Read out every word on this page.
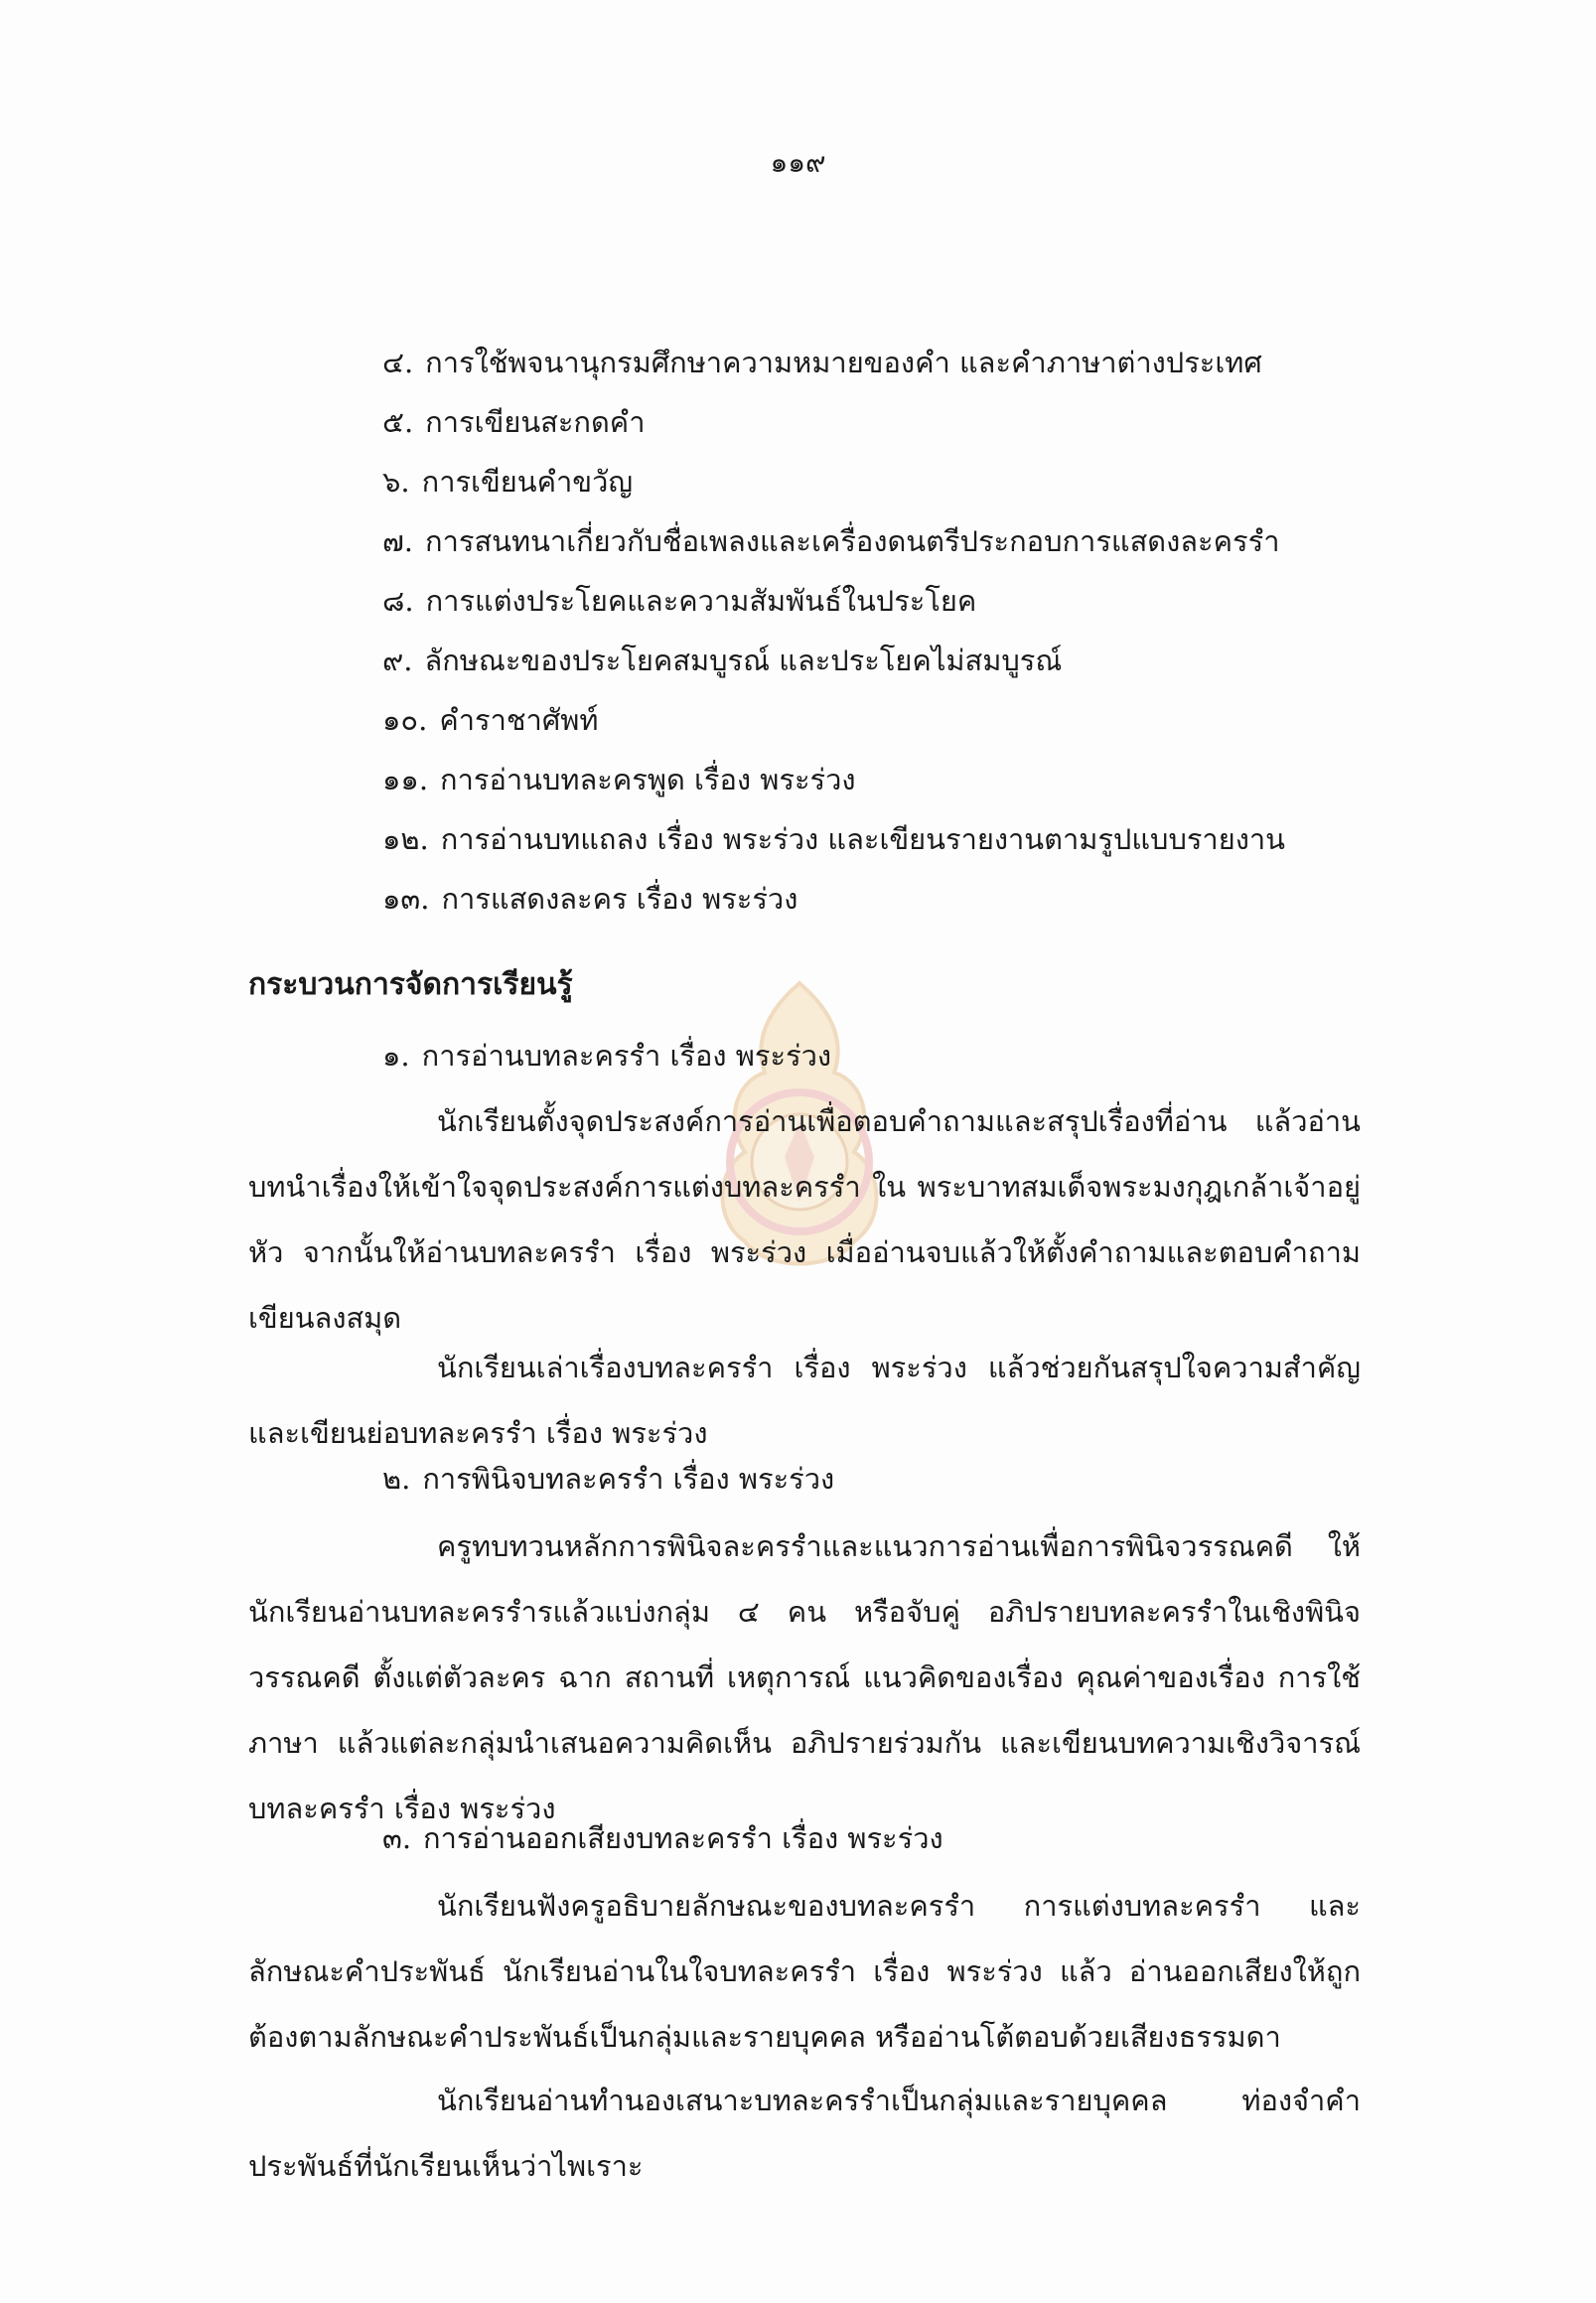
๑๑๙
๔. การใช้พจนานุกรมศึกษาความหมายของคำ และคำภาษาต่างประเทศ
๕. การเขียนสะกดคำ
๖. การเขียนคำขวัญ
๗. การสนทนาเกี่ยวกับชื่อเพลงและเครื่องดนตรีประกอบการแสดงละครรำ
๘. การแต่งประโยคและความสัมพันธ์ในประโยค
๙. ลักษณะของประโยคสมบูรณ์ และประโยคไม่สมบูรณ์
๑๐. คำราชาศัพท์
๑๑. การอ่านบทละครพูด เรื่อง พระร่วง
๑๒. การอ่านบทแถลง เรื่อง พระร่วง และเขียนรายงานตามรูปแบบรายงาน
๑๓. การแสดงละคร เรื่อง พระร่วง
กระบวนการจัดการเรียนรู้
๑. การอ่านบทละครรำ เรื่อง พระร่วง

นักเรียนตั้งจุดประสงค์การอ่านเพื่อตอบคำถามและสรุปเรื่องที่อ่าน แล้วอ่านบทนำเรื่องให้เข้าใจจุดประสงค์การแต่งบทละครรำ ใน พระบาทสมเด็จพระมงกุฎเกล้าเจ้าอยู่หัว จากนั้นให้อ่านบทละครรำ เรื่อง พระร่วง เมื่ออ่านจบแล้วให้ตั้งคำถามและตอบคำถาม เขียนลงสมุด

นักเรียนเล่าเรื่องบทละครรำ เรื่อง พระร่วง แล้วช่วยกันสรุปใจความสำคัญ และเขียนย่อบทละครรำ เรื่อง พระร่วง

๒. การพินิจบทละครรำ เรื่อง พระร่วง

ครูทบทวนหลักการพินิจละครรำและแนวการอ่านเพื่อการพินิจวรรณคดี ให้นักเรียนอ่านบทละครรำรแล้วแบ่งกลุ่ม ๔ คน หรือจับคู่ อภิปรายบทละครรำในเชิงพินิจวรรณคดี ตั้งแต่ตัวละคร ฉาก สถานที่ เหตุการณ์ แนวคิดของเรื่อง คุณค่าของเรื่อง การใช้ภาษา แล้วแต่ละกลุ่มนำเสนอความคิดเห็น อภิปรายร่วมกัน และเขียนบทความเชิงวิจารณ์บทละครรำ เรื่อง พระร่วง

๓. การอ่านออกเสียงบทละครรำ เรื่อง พระร่วง

นักเรียนฟังครูอธิบายลักษณะของบทละครรำ การแต่งบทละครรำ และลักษณะคำประพันธ์ นักเรียนอ่านในใจบทละครรำ เรื่อง พระร่วง แล้ว อ่านออกเสียงให้ถูกต้องตามลักษณะคำประพันธ์เป็นกลุ่มและรายบุคคล หรืออ่านโต้ตอบด้วยเสียงธรรมดา

นักเรียนอ่านทำนองเสนาะบทละครรำเป็นกลุ่มและรายบุคคล ท่องจำคำประพันธ์ที่นักเรียนเห็นว่าไพเราะ
